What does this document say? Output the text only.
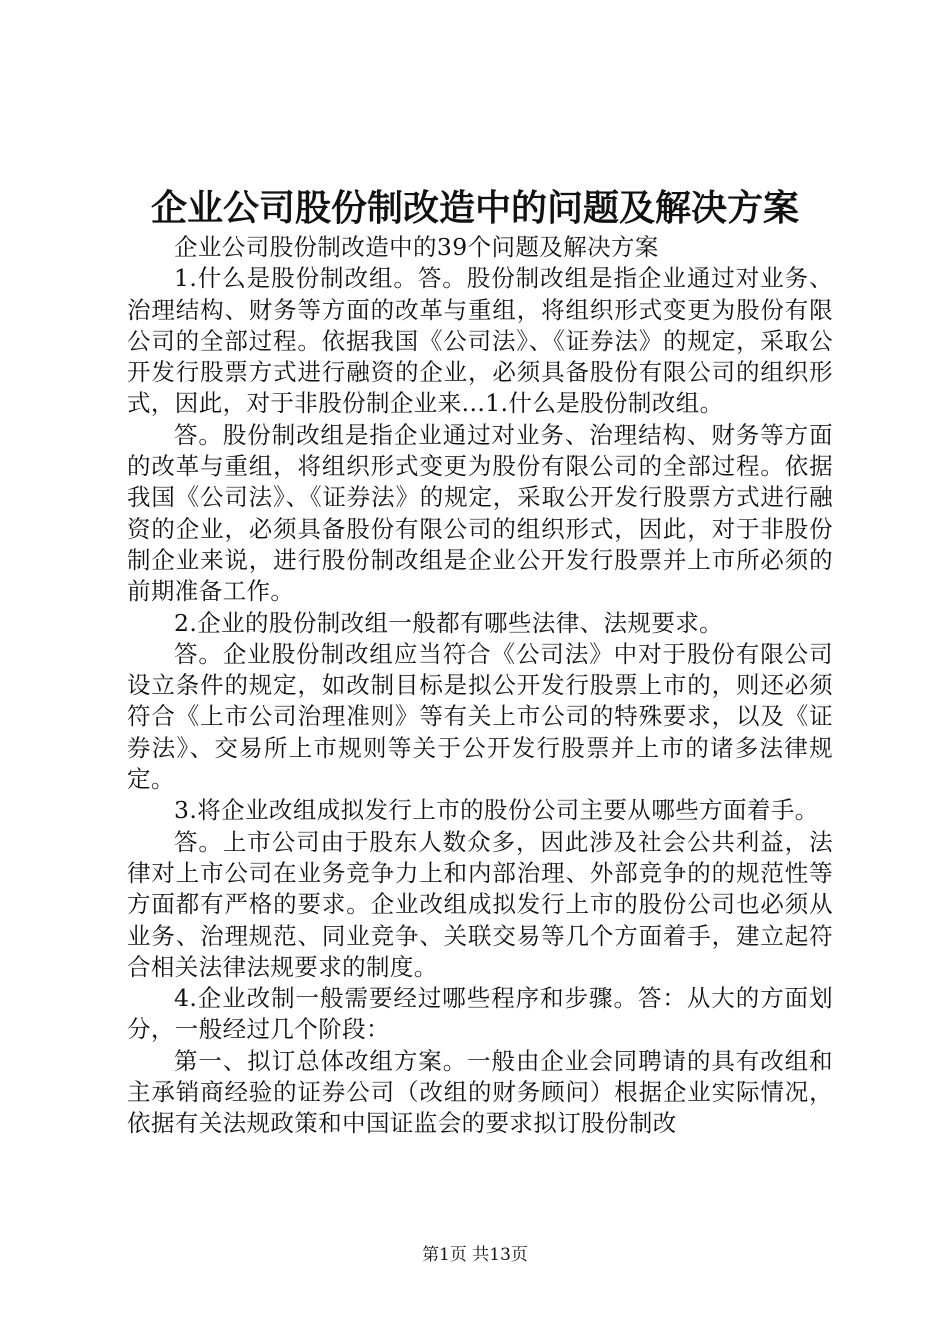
企业公司股份制改造中的问题及解决方案

企业公司股份制改造中的39个问题及解决方案

1.什么是股份制改组。答。股份制改组是指企业通过对业务、治理结构、财务等方面的改革与重组，将组织形式变更为股份有限公司的全部过程。依据我国《公司法》、《证券法》的规定，采取公开发行股票方式进行融资的企业，必须具备股份有限公司的组织形式，因此，对于非股份制企业来...1.什么是股份制改组。

答。股份制改组是指企业通过对业务、治理结构、财务等方面的改革与重组，将组织形式变更为股份有限公司的全部过程。依据我国《公司法》、《证券法》的规定，采取公开发行股票方式进行融资的企业，必须具备股份有限公司的组织形式，因此，对于非股份制企业来说，进行股份制改组是企业公开发行股票并上市所必须的前期准备工作。

2.企业的股份制改组一般都有哪些法律、法规要求。

答。企业股份制改组应当符合《公司法》中对于股份有限公司设立条件的规定，如改制目标是拟公开发行股票上市的，则还必须符合《上市公司治理准则》等有关上市公司的特殊要求，以及《证券法》、交易所上市规则等关于公开发行股票并上市的诸多法律规定。

3.将企业改组成拟发行上市的股份公司主要从哪些方面着手。

答。上市公司由于股东人数众多，因此涉及社会公共利益，法律对上市公司在业务竞争力上和内部治理、外部竞争的的规范性等方面都有严格的要求。企业改组成拟发行上市的股份公司也必须从业务、治理规范、同业竞争、关联交易等几个方面着手，建立起符合相关法律法规要求的制度。

4.企业改制一般需要经过哪些程序和步骤。答：从大的方面划分，一般经过几个阶段：

第一、拟订总体改组方案。一般由企业会同聘请的具有改组和主承销商经验的证券公司（改组的财务顾问）根据企业实际情况，依据有关法规政策和中国证监会的要求拟订股份制改

第1页 共13页
